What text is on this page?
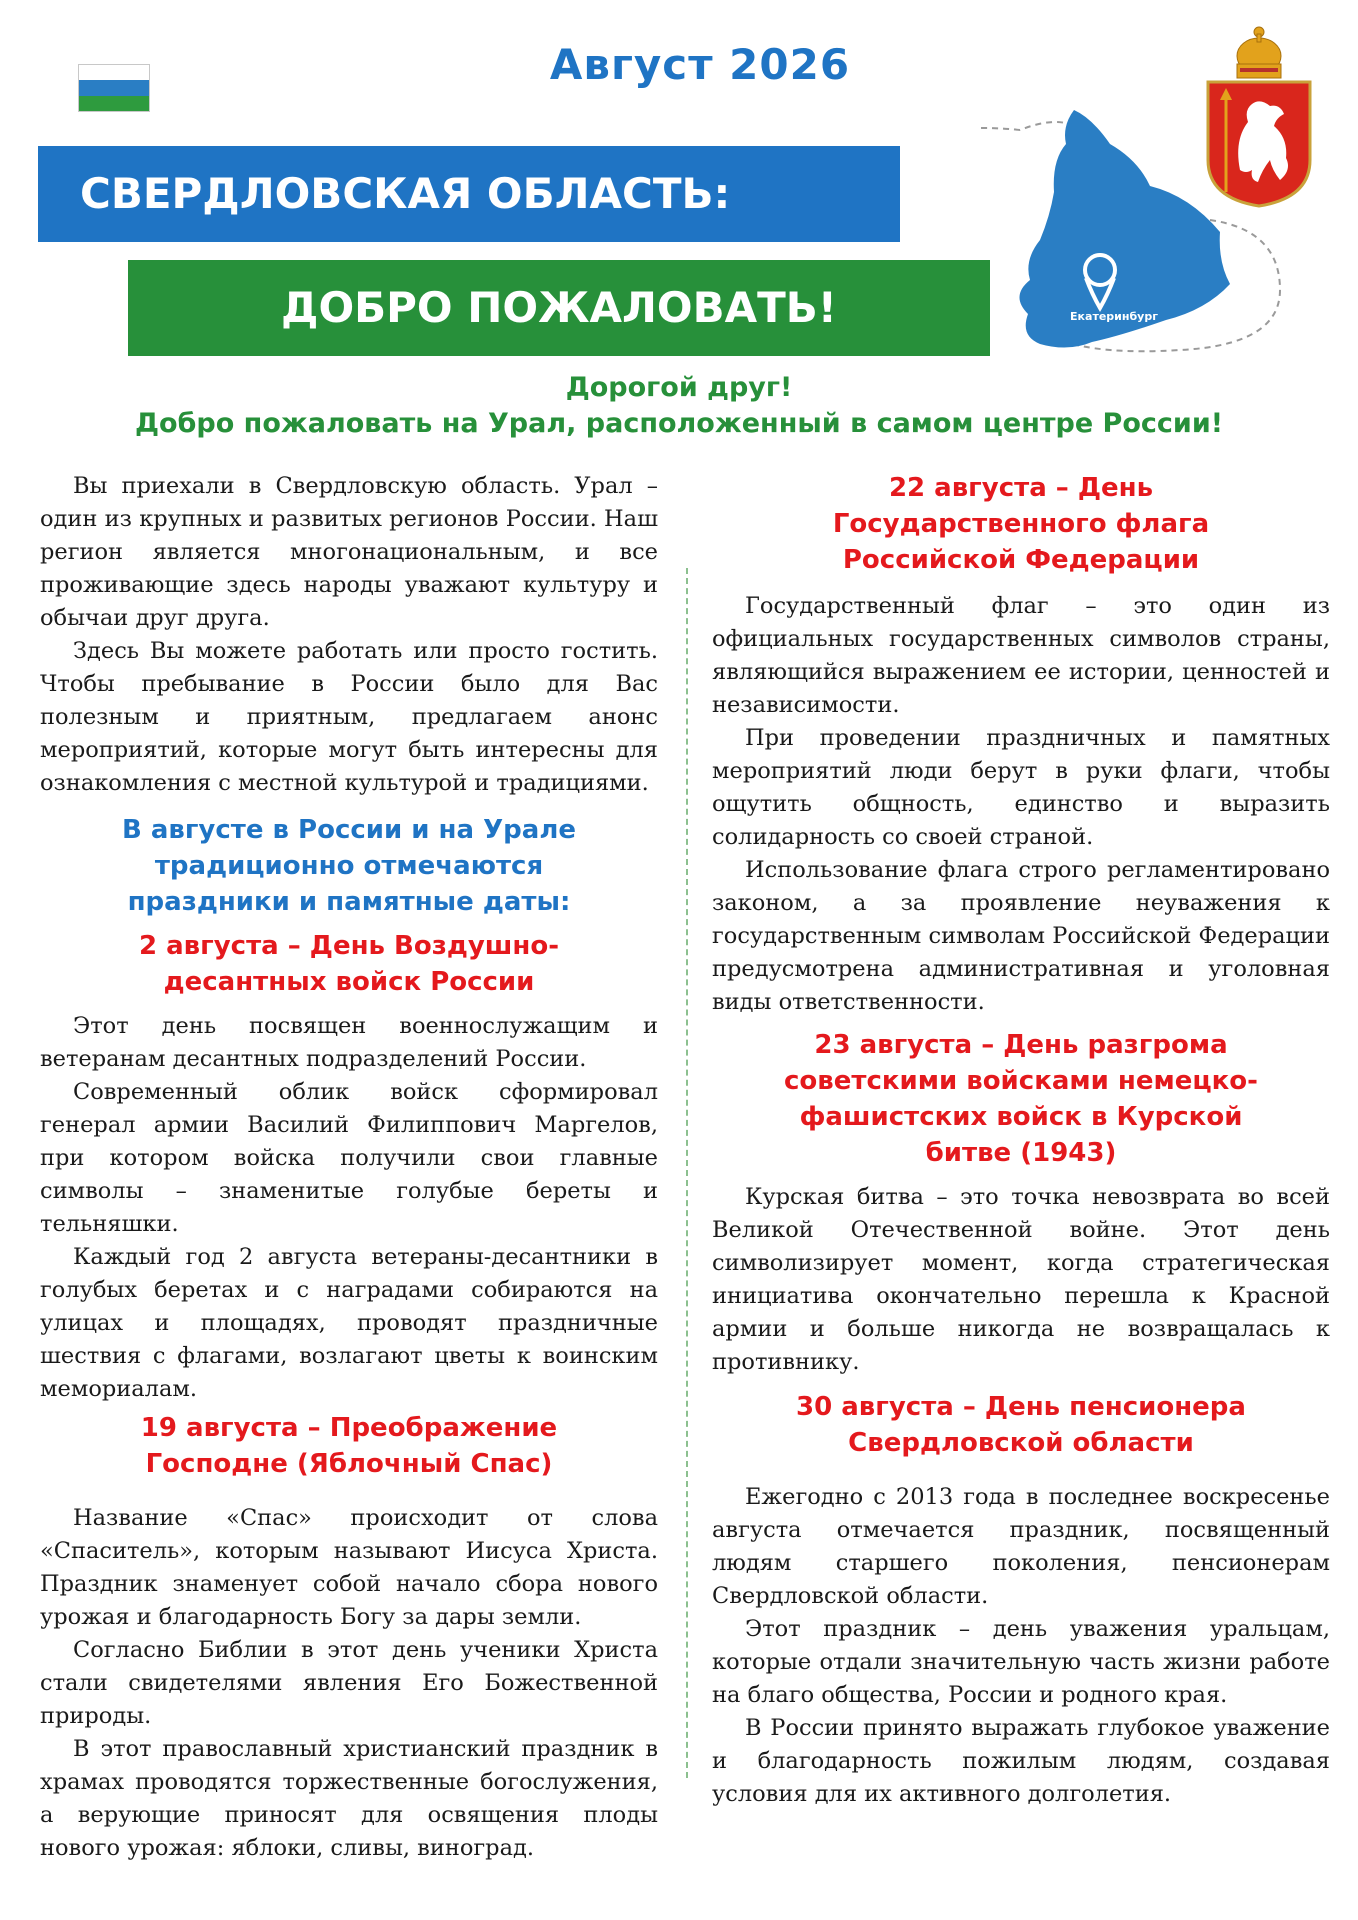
Август 2026
Екатеринбург
СВЕРДЛОВСКАЯ ОБЛАСТЬ:
ДОБРО ПОЖАЛОВАТЬ!
Дорогой друг!
Добро пожаловать на Урал, расположенный в самом центре России!

Вы приехали в Свердловскую область. Урал – один из крупных и развитых регионов России. Наш регион является многонациональным, и все проживающие здесь народы уважают культуру и обычаи друг друга.

Здесь Вы можете работать или просто гостить. Чтобы пребывание в России было для Вас полезным и приятным, предлагаем анонс мероприятий, которые могут быть интересны для ознакомления с местной культурой и традициями.

В августе в России и на Урале традиционно отмечаются праздники и памятные даты:
2 августа – День Воздушно-десантных войск России

Этот день посвящен военнослужащим и ветеранам десантных подразделений России.

Современный облик войск сформировал генерал армии Василий Филиппович Маргелов, при котором войска получили свои главные символы – знаменитые голубые береты и тельняшки.

Каждый год 2 августа ветераны-десантники в голубых беретах и с наградами собираются на улицах и площадях, проводят праздничные шествия с флагами, возлагают цветы к воинским мемориалам.

19 августа – Преображение Господне (Яблочный Спас)

Название «Спас» происходит от слова «Спаситель», которым называют Иисуса Христа. Праздник знаменует собой начало сбора нового урожая и благодарность Богу за дары земли.

Согласно Библии в этот день ученики Христа стали свидетелями явления Его Божественной природы.

В этот православный христианский праздник в храмах проводятся торжественные богослужения, а верующие приносят для освящения плоды нового урожая: яблоки, сливы, виноград.

22 августа – День Государственного флага Российской Федерации

Государственный флаг – это один из официальных государственных символов страны, являющийся выражением ее истории, ценностей и независимости.

При проведении праздничных и памятных мероприятий люди берут в руки флаги, чтобы ощутить общность, единство и выразить солидарность со своей страной.

Использование флага строго регламентировано законом, а за проявление неуважения к государственным символам Российской Федерации предусмотрена административная и уголовная виды ответственности.

23 августа – День разгрома советскими войсками немецко-фашистских войск в Курской битве (1943)

Курская битва – это точка невозврата во всей Великой Отечественной войне. Этот день символизирует момент, когда стратегическая инициатива окончательно перешла к Красной армии и больше никогда не возвращалась к противнику.

30 августа – День пенсионера Свердловской области

Ежегодно с 2013 года в последнее воскресенье августа отмечается праздник, посвященный людям старшего поколения, пенсионерам Свердловской области.

Этот праздник – день уважения уральцам, которые отдали значительную часть жизни работе на благо общества, России и родного края.

В России принято выражать глубокое уважение и благодарность пожилым людям, создавая условия для их активного долголетия.
